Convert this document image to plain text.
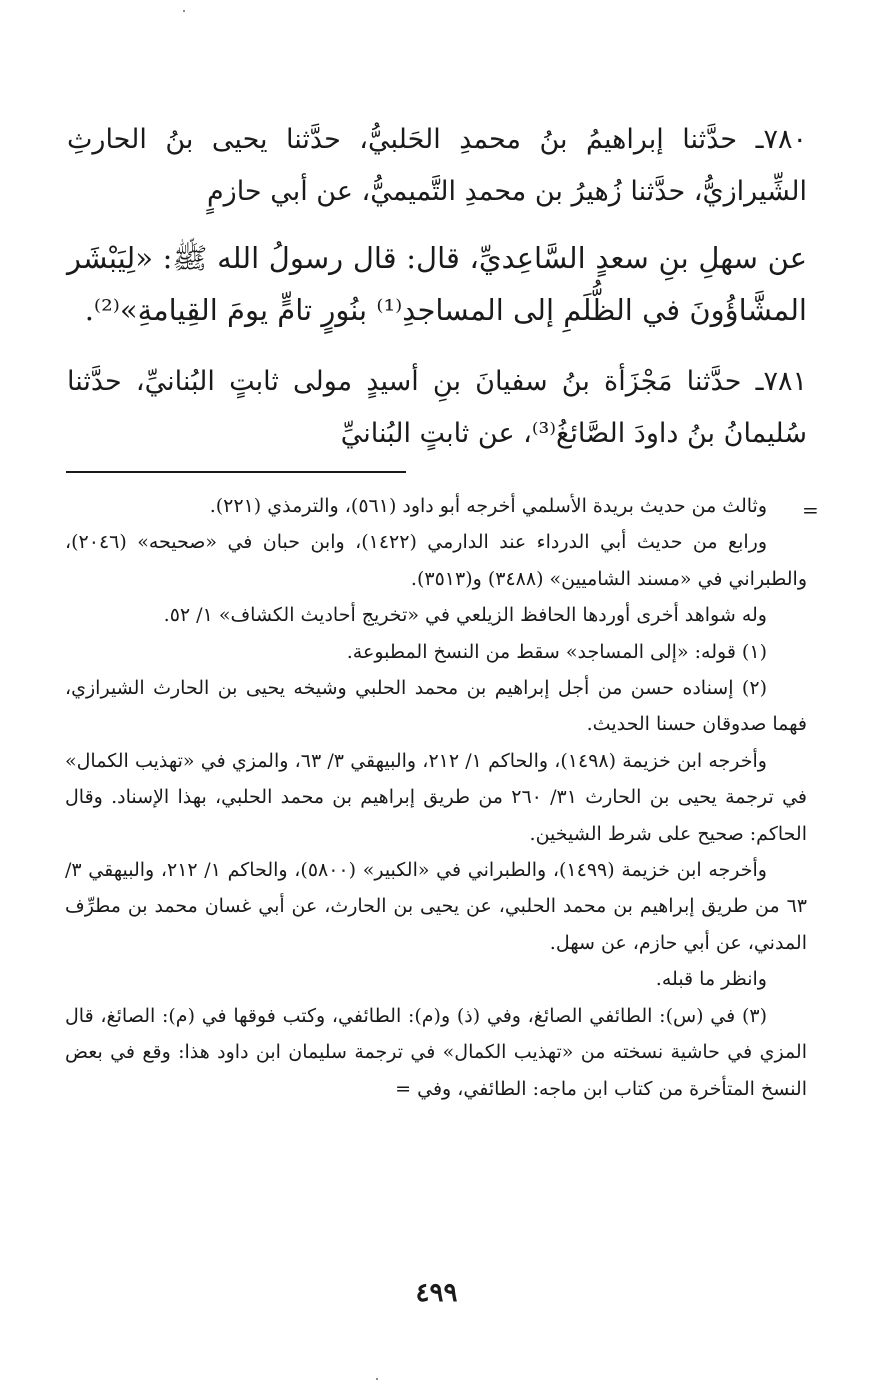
٧٨٠ـ حدَّثنا إبراهيمُ بنُ محمدِ الحَلبيُّ، حدَّثنا يحيى بنُ الحارثِ الشِّيرازيُّ، حدَّثنا زُهيرُ بن محمدِ التَّميميُّ، عن أبي حازمٍ

عن سهلِ بنِ سعدٍ السَّاعِديِّ، قال: قال رسولُ الله ﷺ: «لِيَبْشَر المشَّاؤُونَ في الظُّلَمِ إلى المساجدِ⁽¹⁾ بنُورٍ تامٍّ يومَ القِيامةِ»⁽²⁾.

٧٨١ـ حدَّثنا مَجْزَأة بنُ سفيانَ بنِ أسيدٍ مولى ثابتٍ البُنانيِّ، حدَّثنا سُليمانُ بنُ داودَ الصَّائغُ⁽³⁾، عن ثابتٍ البُنانيِّ

=

وثالث من حديث بريدة الأسلمي أخرجه أبو داود (٥٦١)، والترمذي (٢٢١).

ورابع من حديث أبي الدرداء عند الدارمي (١٤٢٢)، وابن حبان في «صحيحه» (٢٠٤٦)، والطبراني في «مسند الشاميين» (٣٤٨٨) و(٣٥١٣).

وله شواهد أخرى أوردها الحافظ الزيلعي في «تخريج أحاديث الكشاف» ١/ ٥٢.

(١) قوله: «إلى المساجد» سقط من النسخ المطبوعة.

(٢) إسناده حسن من أجل إبراهيم بن محمد الحلبي وشيخه يحيى بن الحارث الشيرازي، فهما صدوقان حسنا الحديث.

وأخرجه ابن خزيمة (١٤٩٨)، والحاكم ١/ ٢١٢، والبيهقي ٣/ ٦٣، والمزي في «تهذيب الكمال» في ترجمة يحيى بن الحارث ٣١/ ٢٦٠ من طريق إبراهيم بن محمد الحلبي، بهذا الإسناد. وقال الحاكم: صحيح على شرط الشيخين.

وأخرجه ابن خزيمة (١٤٩٩)، والطبراني في «الكبير» (٥٨٠٠)، والحاكم ١/ ٢١٢، والبيهقي ٣/ ٦٣ من طريق إبراهيم بن محمد الحلبي، عن يحيى بن الحارث، عن أبي غسان محمد بن مطرِّف المدني، عن أبي حازم، عن سهل.

وانظر ما قبله.

(٣) في (س): الطائفي الصائغ، وفي (ذ) و(م): الطائفي، وكتب فوقها في (م): الصائغ، قال المزي في حاشية نسخته من «تهذيب الكمال» في ترجمة سليمان ابن داود هذا: وقع في بعض النسخ المتأخرة من كتاب ابن ماجه: الطائفي، وفي =

٤٩٩
